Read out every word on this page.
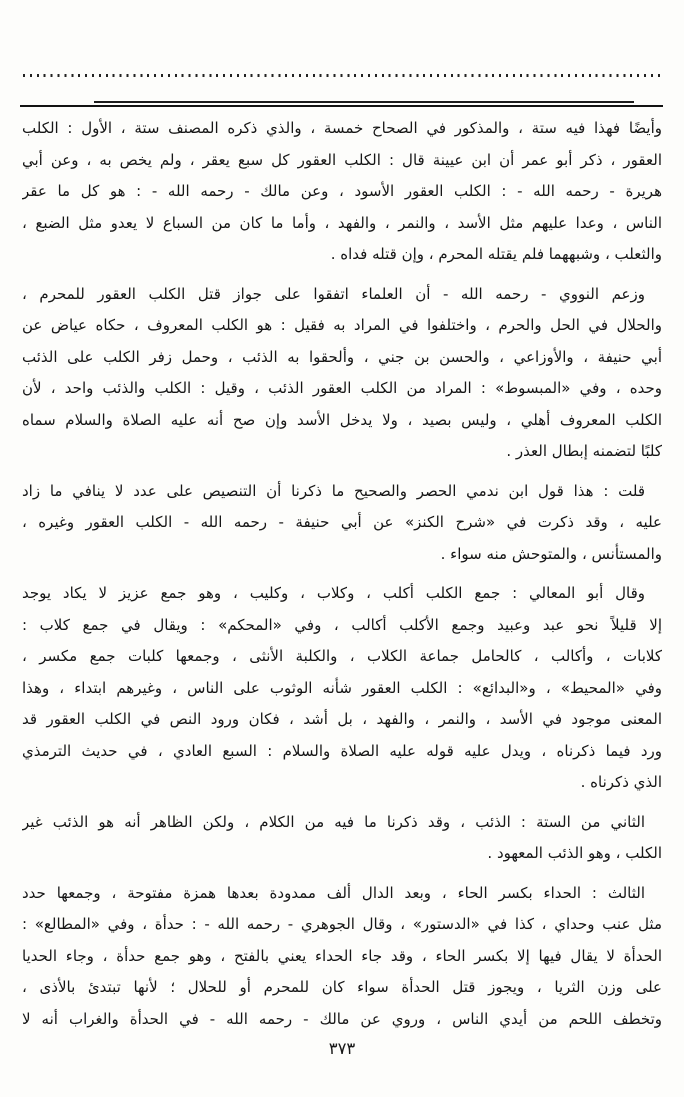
وأيضًا فهذا فيه ستة ، والمذكور في الصحاح خمسة ، والذي ذكره المصنف ستة ، الأول : الكلب
العقور ، ذكر أبو عمر أن ابن عيينة قال : الكلب العقور كل سبع يعقر ، ولم يخص به ، وعن أبي
هريرة - رحمه الله - : الكلب العقور الأسود ، وعن مالك - رحمه الله - : هو كل ما عقر
الناس ، وعدا عليهم مثل الأسد ، والنمر ، والفهد ، وأما ما كان من السباع لا يعدو مثل الضبع ،
والثعلب ، وشبههما فلم يقتله المحرم ، وإن قتله فداه .
وزعم النووي - رحمه الله - أن العلماء اتفقوا على جواز قتل الكلب العقور للمحرم ،
والحلال في الحل والحرم ، واختلفوا في المراد به فقيل : هو الكلب المعروف ، حكاه عياض عن
أبي حنيفة ، والأوزاعي ، والحسن بن جني ، وألحقوا به الذئب ، وحمل زفر الكلب على الذئب
وحده ، وفي «المبسوط» : المراد من الكلب العقور الذئب ، وقيل : الكلب والذئب واحد ، لأن
الكلب المعروف أهلي ، وليس بصيد ، ولا يدخل الأسد وإن صح أنه عليه الصلاة والسلام سماه
كلبًا لتضمنه إبطال العذر .
قلت : هذا قول ابن ندمي الحصر والصحيح ما ذكرنا أن التنصيص على عدد لا ينافي ما زاد
عليه ، وقد ذكرت في «شرح الكنز» عن أبي حنيفة - رحمه الله - الكلب العقور وغيره ،
والمستأنس ، والمتوحش منه سواء .
وقال أبو المعالي : جمع الكلب أكلب ، وكلاب ، وكليب ، وهو جمع عزيز لا يكاد يوجد
إلا قليلاً نحو عبد وعبيد وجمع الأكلب أكالب ، وفي «المحكم» : ويقال في جمع كلاب :
كلابات ، وأكالب ، كالحامل جماعة الكلاب ، والكلبة الأنثى ، وجمعها كلبات جمع مكسر ،
وفي «المحيط» ، و«البدائع» : الكلب العقور شأنه الوثوب على الناس ، وغيرهم ابتداء ، وهذا
المعنى موجود في الأسد ، والنمر ، والفهد ، بل أشد ، فكان ورود النص في الكلب العقور قد
ورد فيما ذكرناه ، ويدل عليه قوله عليه الصلاة والسلام : السبع العادي ، في حديث الترمذي
الذي ذكرناه .
الثاني من الستة : الذئب ، وقد ذكرنا ما فيه من الكلام ، ولكن الظاهر أنه هو الذئب غير
الكلب ، وهو الذئب المعهود .
الثالث : الحداء بكسر الحاء ، وبعد الدال ألف ممدودة بعدها همزة مفتوحة ، وجمعها حدد
مثل عنب وحداي ، كذا في «الدستور» ، وقال الجوهري - رحمه الله - : حدأة ، وفي «المطالع» :
الحدأة لا يقال فيها إلا بكسر الحاء ، وقد جاء الحداء يعني بالفتح ، وهو جمع حدأة ، وجاء الحديا
على وزن الثريا ، ويجوز قتل الحدأة سواء كان للمحرم أو للحلال ؛ لأنها تبتدئ بالأذى ،
وتخطف اللحم من أيدي الناس ، وروي عن مالك - رحمه الله - في الحدأة والغراب أنه لا
٣٧٣
